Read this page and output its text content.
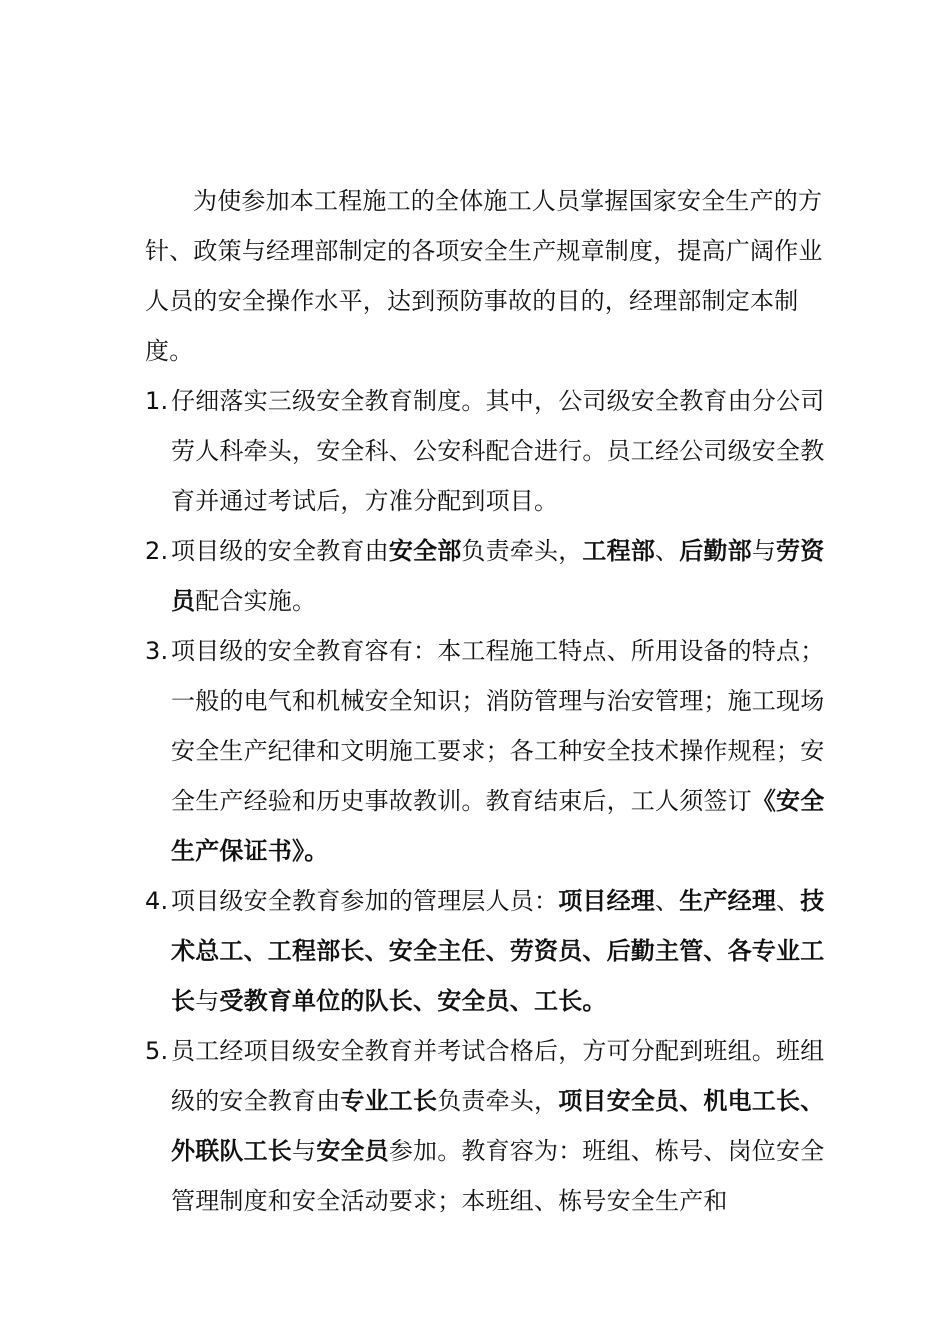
为使参加本工程施工的全体施工人员掌握国家安全生产的方针、政策与经理部制定的各项安全生产规章制度，提高广阔作业人员的安全操作水平，达到预防事故的目的，经理部制定本制度。

1. 仔细落实三级安全教育制度。其中，公司级安全教育由分公司劳人科牵头，安全科、公安科配合进行。员工经公司级安全教育并通过考试后，方准分配到项目。
2. 项目级的安全教育由安全部负责牵头，工程部、后勤部与劳资员配合实施。
3. 项目级的安全教育容有：本工程施工特点、所用设备的特点；一般的电气和机械安全知识；消防管理与治安管理；施工现场安全生产纪律和文明施工要求；各工种安全技术操作规程；安全生产经验和历史事故教训。教育结束后，工人须签订《安全生产保证书》。
4. 项目级安全教育参加的管理层人员：项目经理、生产经理、技术总工、工程部长、安全主任、劳资员、后勤主管、各专业工长与受教育单位的队长、安全员、工长。
5. 员工经项目级安全教育并考试合格后，方可分配到班组。班组级的安全教育由专业工长负责牵头，项目安全员、机电工长、外联队工长与安全员参加。教育容为：班组、栋号、岗位安全管理制度和安全活动要求；本班组、栋号安全生产和
